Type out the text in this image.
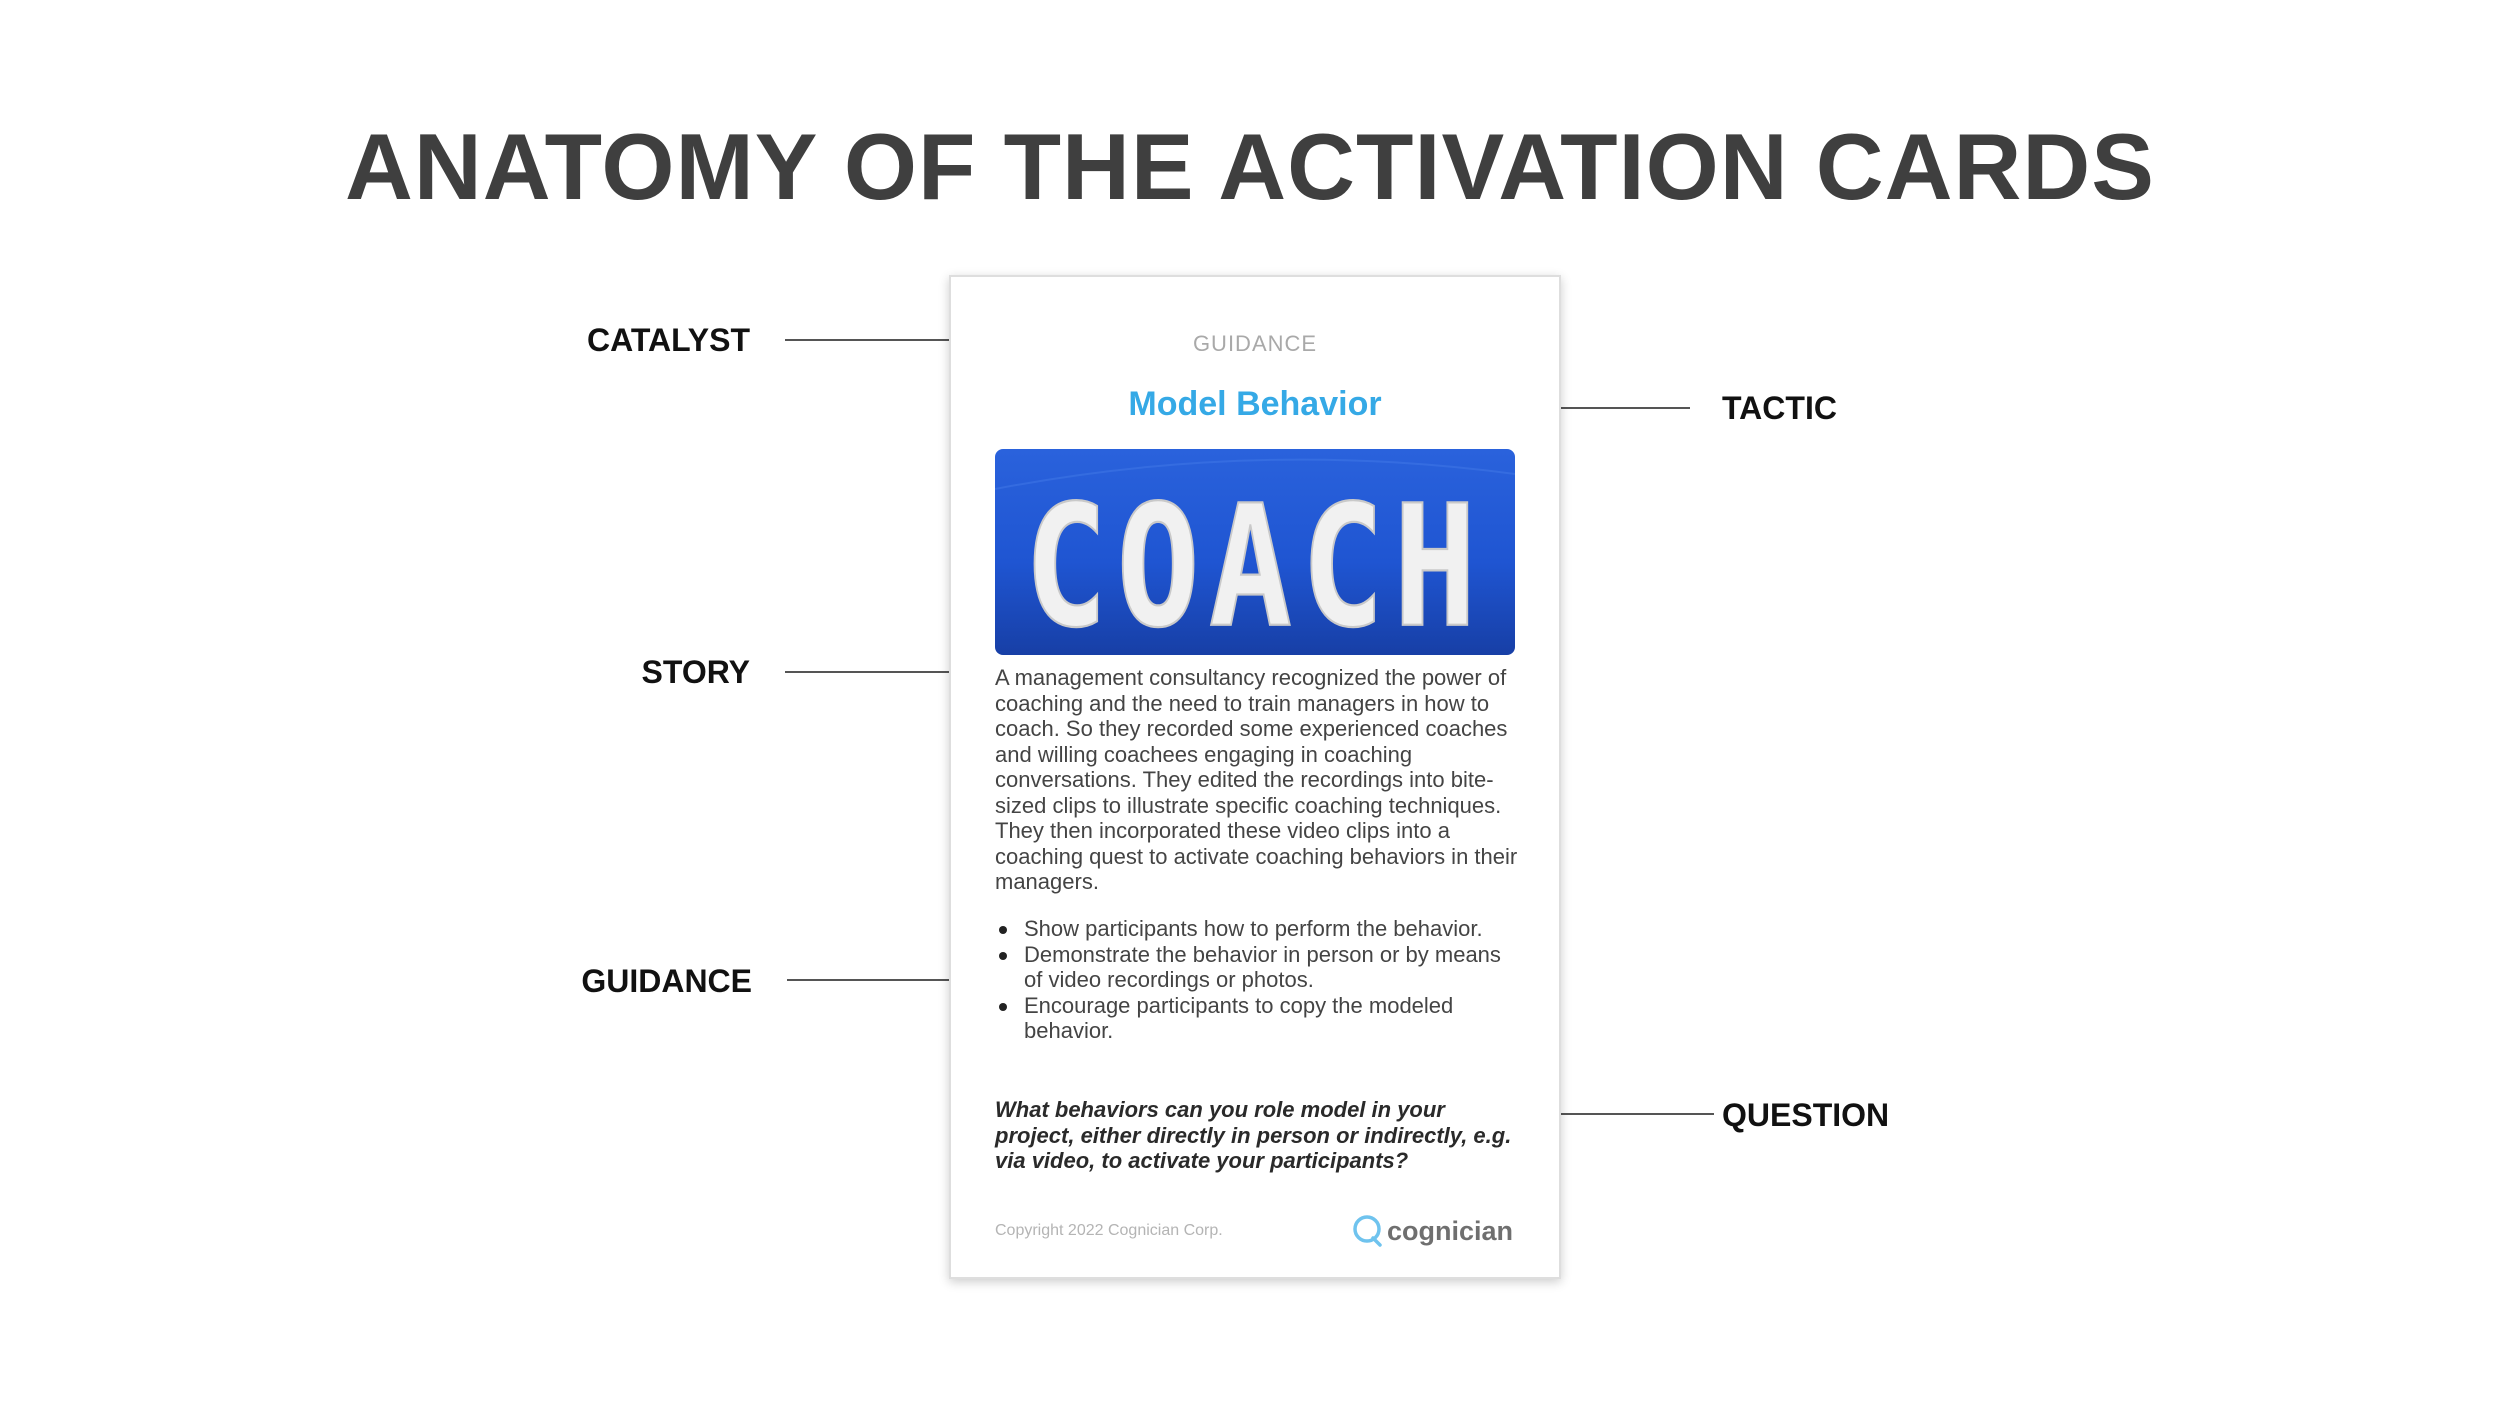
ANATOMY OF THE ACTIVATION CARDS
CATALYST
STORY
GUIDANCE
TACTIC
QUESTION
GUIDANCE
Model Behavior
COACH

A management consultancy recognized the power of coaching and the need to train managers in how to coach. So they recorded some experienced coaches and willing coachees engaging in coaching conversations. They edited the recordings into bite-sized clips to illustrate specific coaching techniques. They then incorporated these video clips into a coaching quest to activate coaching behaviors in their managers.

Show participants how to perform the behavior.
Demonstrate the behavior in person or by means of video recordings or photos.
Encourage participants to copy the modeled behavior.

What behaviors can you role model in your project, either directly in person or indirectly, e.g. via video, to activate your participants?

Copyright 2022 Cognician Corp.	cognician
